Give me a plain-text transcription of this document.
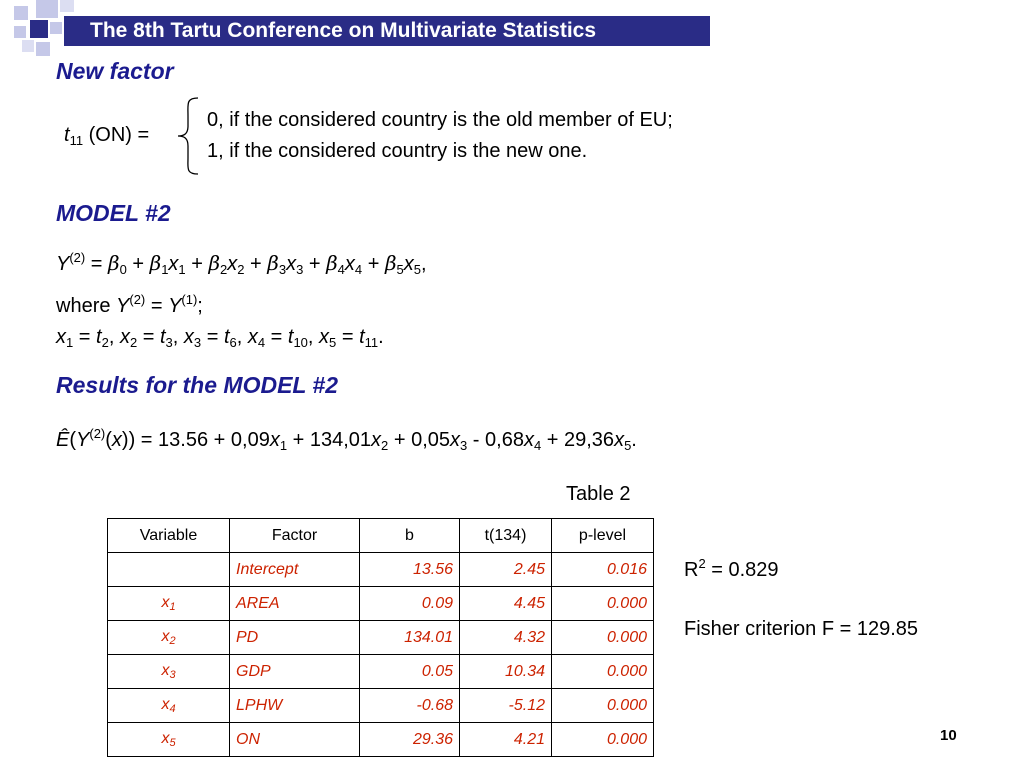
The 8th Tartu Conference on Multivariate Statistics
New factor
$t_{11}$ (ON) =
0, if the considered country is the old member of EU;
1, if the considered country is the new one.
MODEL #2
$Y^{(2)} = \beta_0 + \beta_1x_1 + \beta_2x_2 + \beta_3x_3 + \beta_4x_4 + \beta_5x_5$,
where $Y^{(2)} = Y^{(1)}$;
$x_1 = t_2$, $x_2 = t_3$, $x_3 = t_6$, $x_4 = t_{10}$, $x_5 = t_{11}$.
Results for the MODEL #2
$Ê(Y^{(2)}(x)) = 13.56 + 0,09x_1 + 134,01x_2 + 0,05x_3 - 0,68x_4 + 29,36x_5$.
Table 2
Variable	Factor	b	t(134)	p-level
	Intercept	13.56	2.45	0.016
$x_1$	AREA	0.09	4.45	0.000
$x_2$	PD	134.01	4.32	0.000
$x_3$	GDP	0.05	10.34	0.000
$x_4$	LPHW	-0.68	-5.12	0.000
$x_5$	ON	29.36	4.21	0.000
$R^2 = 0.829$
Fisher criterion F = 129.85
10
